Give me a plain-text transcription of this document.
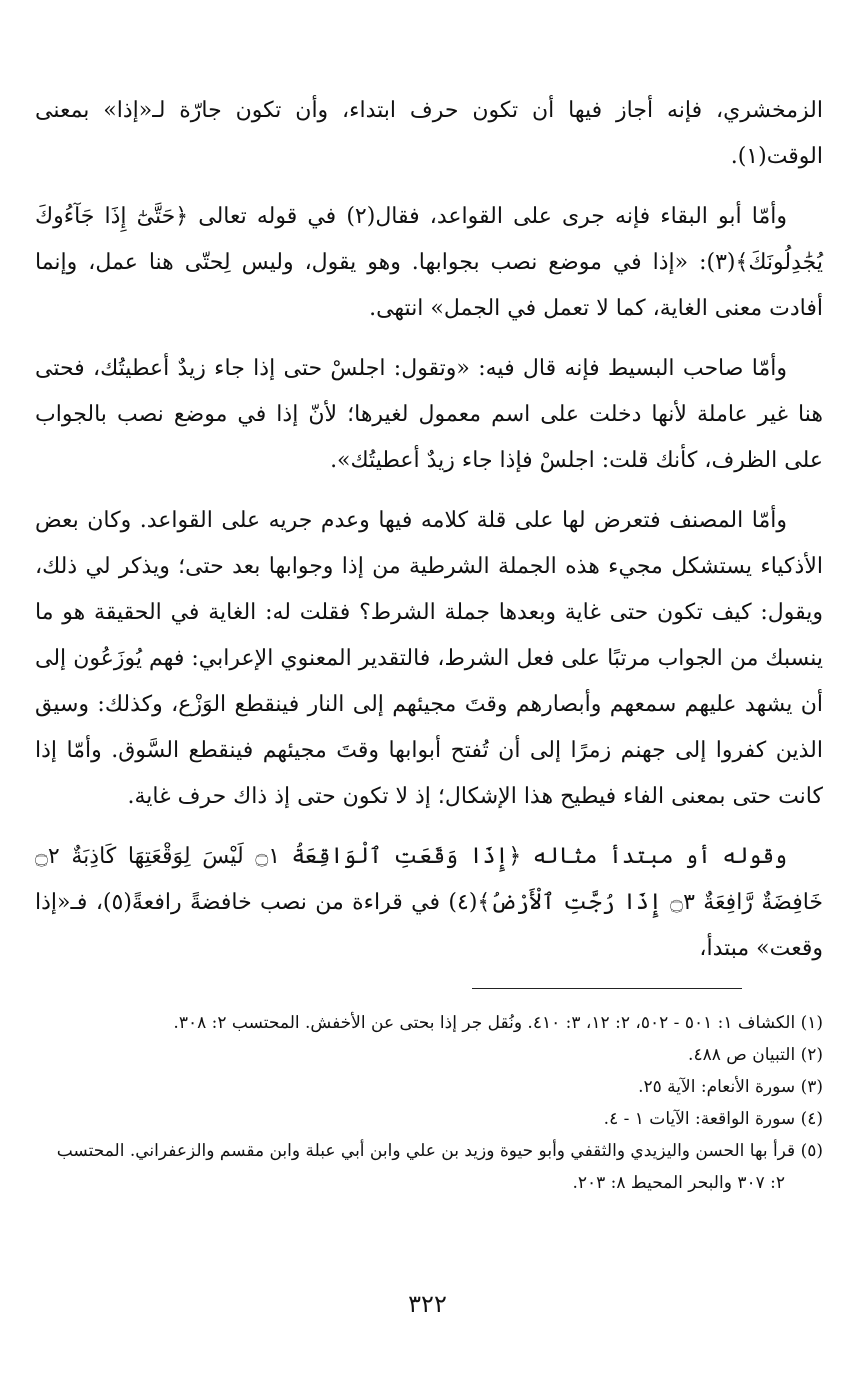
الزمخشري، فإنه أجاز فيها أن تكون حرف ابتداء، وأن تكون جارّة لـ«إذا» بمعنى الوقت(١).

وأمّا أبو البقاء فإنه جرى على القواعد، فقال(٢) في قوله تعالى ﴿حَتَّىٰٓ إِذَا جَآءُوكَ يُجَٰدِلُونَكَ﴾(٣): «إذا في موضع نصب بجوابها. وهو يقول، وليس لِحتّى هنا عمل، وإنما أفادت معنى الغاية، كما لا تعمل في الجمل» انتهى.

وأمّا صاحب البسيط فإنه قال فيه: «وتقول: اجلسْ حتى إذا جاء زيدٌ أعطيتُك، فحتى هنا غير عاملة لأنها دخلت على اسم معمول لغيرها؛ لأنّ إذا في موضع نصب بالجواب على الظرف، كأنك قلت: اجلسْ فإذا جاء زيدٌ أعطيتُك».

وأمّا المصنف فتعرض لها على قلة كلامه فيها وعدم جريه على القواعد. وكان بعض الأذكياء يستشكل مجيء هذه الجملة الشرطية من إذا وجوابها بعد حتى؛ ويذكر لي ذلك، ويقول: كيف تكون حتى غاية وبعدها جملة الشرط؟ فقلت له: الغاية في الحقيقة هو ما ينسبك من الجواب مرتبًا على فعل الشرط، فالتقدير المعنوي الإعرابي: فهم يُوزَعُون إلى أن يشهد عليهم سمعهم وأبصارهم وقتَ مجيئهم إلى النار فينقطع الوَزْع، وكذلك: وسيق الذين كفروا إلى جهنم زمرًا إلى أن تُفتح أبوابها وقتَ مجيئهم فينقطع السَّوق. وأمّا إذا كانت حتى بمعنى الفاء فيطيح هذا الإشكال؛ إذ لا تكون حتى إذ ذاك حرف غاية.

وقوله أو مبتدأ مثاله ﴿إِذَا وَقَعَتِ ٱلْوَاقِعَةُ ۝١ لَيْسَ لِوَقْعَتِهَا كَاذِبَةٌ ۝٢ خَافِضَةٌ رَّافِعَةٌ ۝٣ إِذَا رُجَّتِ ٱلْأَرْضُ﴾(٤) في قراءة من نصب خافضةً رافعةً(٥)، فـ«إذا وقعت» مبتدأ،

(١) الكشاف ١: ٥٠١ - ٥٠٢، ٢: ١٢، ٣: ٤١٠. ونُقل جر إذا بحتى عن الأخفش. المحتسب ٢: ٣٠٨.

(٢) التبيان ص ٤٨٨.

(٣) سورة الأنعام: الآية ٢٥.

(٤) سورة الواقعة: الآيات ١ - ٤.

(٥) قرأ بها الحسن واليزيدي والثقفي وأبو حيوة وزيد بن علي وابن أبي عبلة وابن مقسم والزعفراني. المحتسب ٢: ٣٠٧ والبحر المحيط ٨: ٢٠٣.

٣٢٢
